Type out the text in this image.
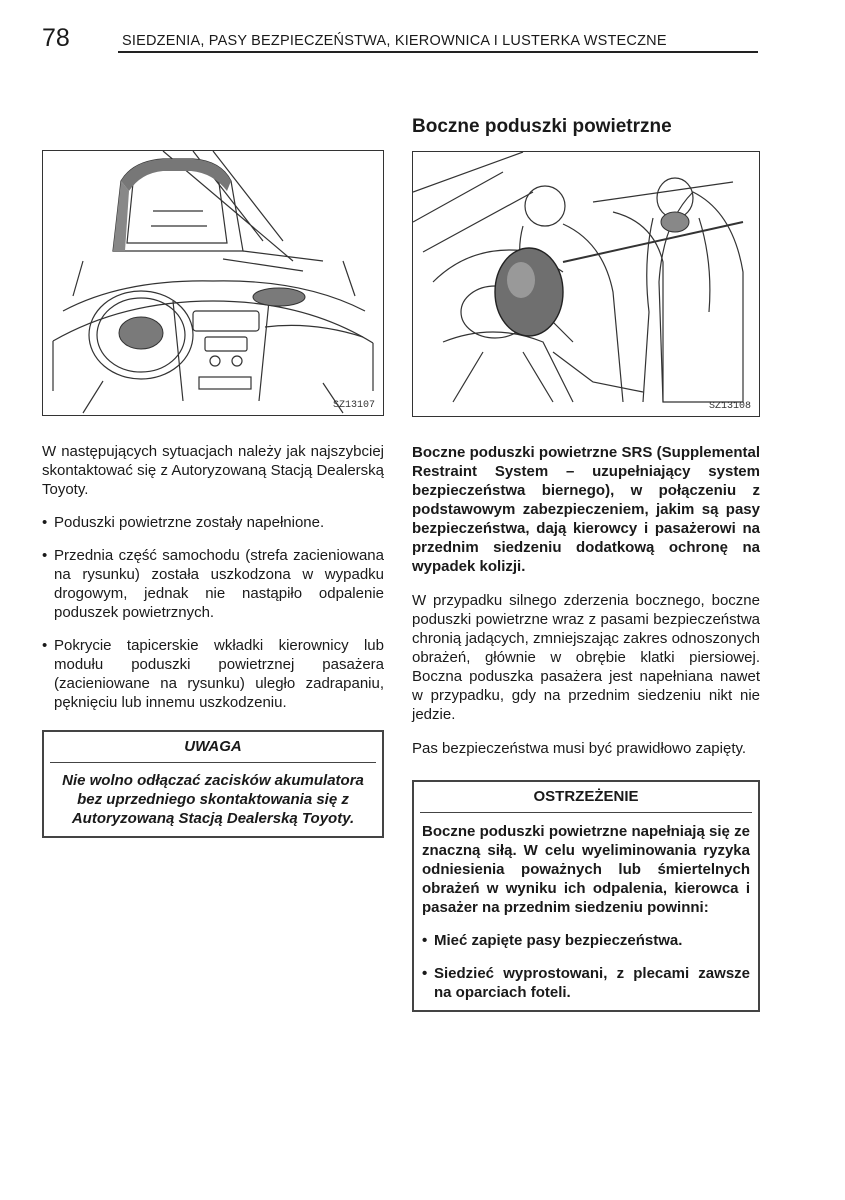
78	SIEDZENIA, PASY BEZPIECZEŃSTWA, KIEROWNICA I LUSTERKA WSTECZNE
SZ13107

W następujących sytuacjach należy jak najszybciej skontaktować się z Autoryzowaną Stacją Dealerską Toyoty.

• Poduszki powietrzne zostały napełnione.
• Przednia część samochodu (strefa zacieniowana na rysunku) została uszkodzona w wypadku drogowym, jednak nie nastąpiło odpalenie poduszek powietrznych.
• Pokrycie tapicerskie wkładki kierownicy lub modułu poduszki powietrznej pasażera (zacieniowane na rysunku) uległo zadrapaniu, pęknięciu lub innemu uszkodzeniu.
UWAGA
Nie wolno odłączać zacisków akumulatora bez uprzedniego skontaktowania się z Autoryzowaną Stacją Dealerską Toyoty.
Boczne poduszki powietrzne
SZ13108

Boczne poduszki powietrzne SRS (Supplemental Restraint System – uzupełniający system bezpieczeństwa biernego), w połączeniu z podstawowym zabezpieczeniem, jakim są pasy bezpieczeństwa, dają kierowcy i pasażerowi na przednim siedzeniu dodatkową ochronę na wypadek kolizji.

W przypadku silnego zderzenia bocznego, boczne poduszki powietrzne wraz z pasami bezpieczeństwa chronią jadących, zmniejszając zakres odnoszonych obrażeń, głównie w obrębie klatki piersiowej. Boczna poduszka pasażera jest napełniana nawet w przypadku, gdy na przednim siedzeniu nikt nie jedzie.

Pas bezpieczeństwa musi być prawidłowo zapięty.

OSTRZEŻENIE

Boczne poduszki powietrzne napełniają się ze znaczną siłą. W celu wyeliminowania ryzyka odniesienia poważnych lub śmiertelnych obrażeń w wyniku ich odpalenia, kierowca i pasażer na przednim siedzeniu powinni:

• Mieć zapięte pasy bezpieczeństwa.
• Siedzieć wyprostowani, z plecami zawsze na oparciach foteli.
